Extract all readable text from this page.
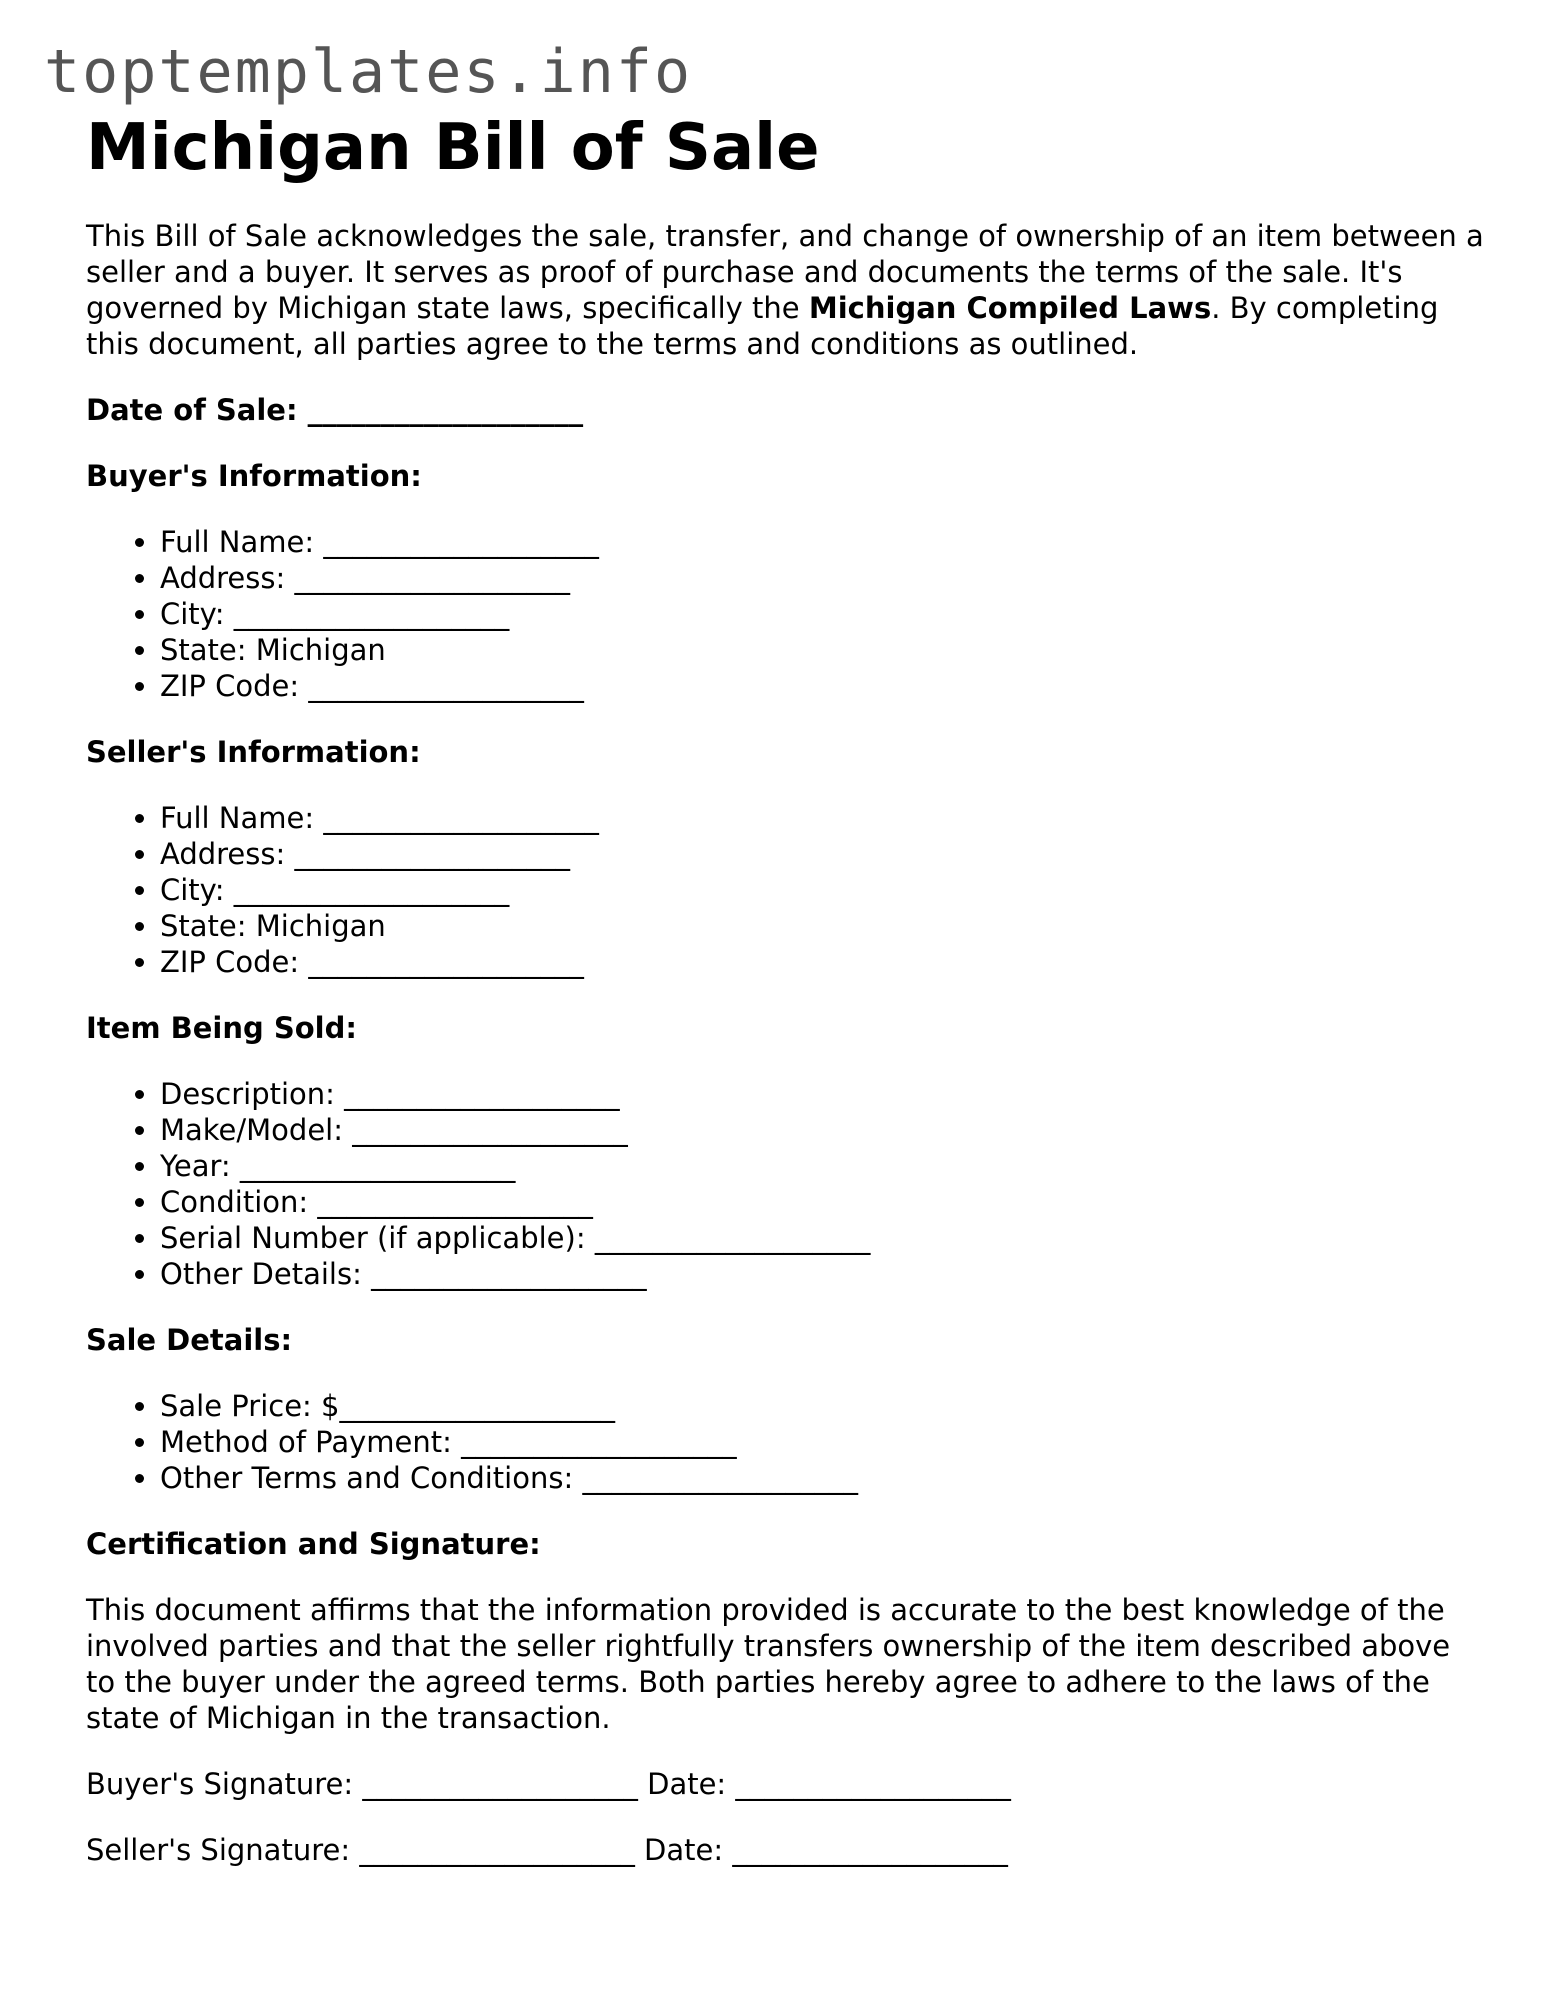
toptemplates.info
Michigan Bill of Sale

This Bill of Sale acknowledges the sale, transfer, and change of ownership of an item between a seller and a buyer. It serves as proof of purchase and documents the terms of the sale. It's governed by Michigan state laws, specifically the Michigan Compiled Laws. By completing this document, all parties agree to the terms and conditions as outlined.

Date of Sale: ___________________
Buyer's Information:
• Full Name: ___________________
• Address: ___________________
• City: ___________________
• State: Michigan
• ZIP Code: ___________________
Seller's Information:
• Full Name: ___________________
• Address: ___________________
• City: ___________________
• State: Michigan
• ZIP Code: ___________________
Item Being Sold:
• Description: ___________________
• Make/Model: ___________________
• Year: ___________________
• Condition: ___________________
• Serial Number (if applicable): ___________________
• Other Details: ___________________
Sale Details:
• Sale Price: $___________________
• Method of Payment: ___________________
• Other Terms and Conditions: ___________________
Certification and Signature:

This document affirms that the information provided is accurate to the best knowledge of the involved parties and that the seller rightfully transfers ownership of the item described above to the buyer under the agreed terms. Both parties hereby agree to adhere to the laws of the state of Michigan in the transaction.

Buyer's Signature: ___________________ Date: ___________________

Seller's Signature: ___________________ Date: ___________________
